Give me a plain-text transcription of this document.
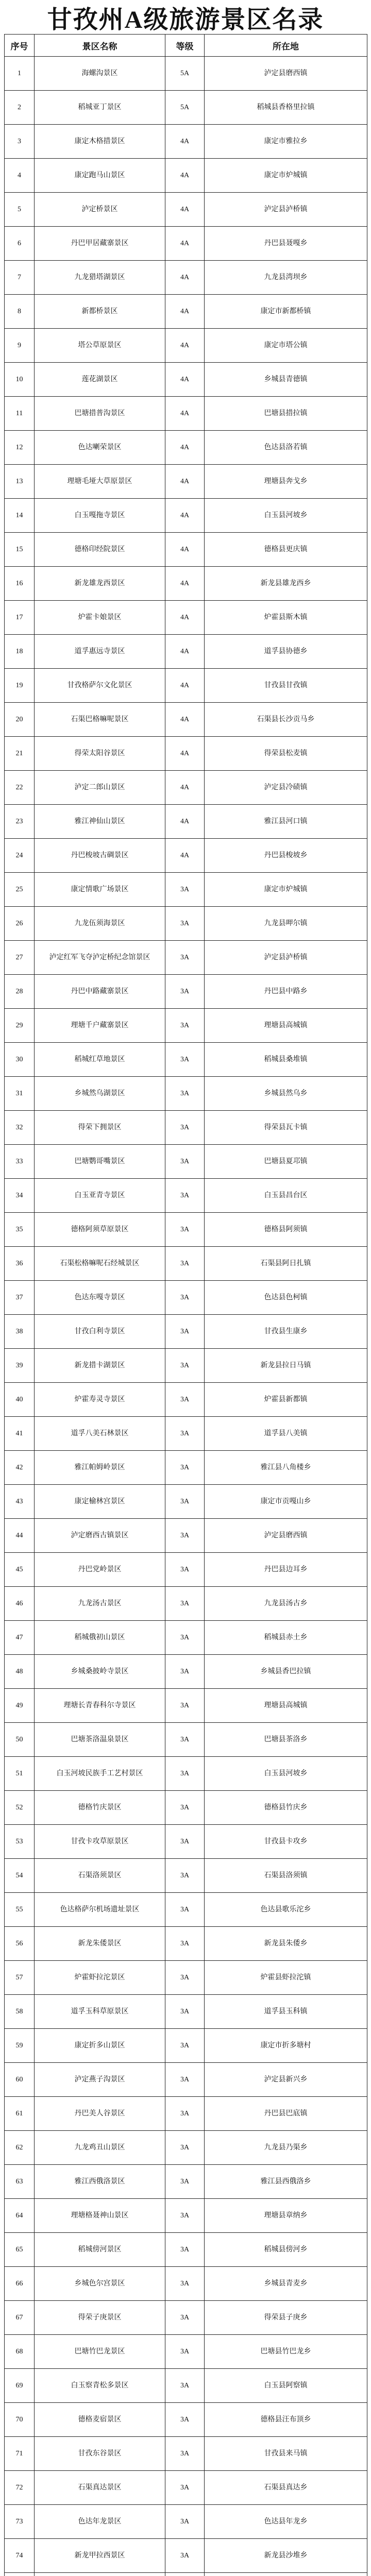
甘孜州A级旅游景区名录
序号	景区名称	等级	所在地
1	海螺沟景区	5A	泸定县磨西镇
2	稻城亚丁景区	5A	稻城县香格里拉镇
3	康定木格措景区	4A	康定市雅拉乡
4	康定跑马山景区	4A	康定市炉城镇
5	泸定桥景区	4A	泸定县泸桥镇
6	丹巴甲居藏寨景区	4A	丹巴县聂嘎乡
7	九龙猎塔湖景区	4A	九龙县湾坝乡
8	新都桥景区	4A	康定市新都桥镇
9	塔公草原景区	4A	康定市塔公镇
10	莲花湖景区	4A	乡城县青德镇
11	巴塘措普沟景区	4A	巴塘县措拉镇
12	色达喇荣景区	4A	色达县洛若镇
13	理塘毛垭大草原景区	4A	理塘县奔戈乡
14	白玉嘎拖寺景区	4A	白玉县河坡乡
15	德格印经院景区	4A	德格县更庆镇
16	新龙雄龙西景区	4A	新龙县雄龙西乡
17	炉霍卡娘景区	4A	炉霍县斯木镇
18	道孚惠远寺景区	4A	道孚县协德乡
19	甘孜格萨尔文化景区	4A	甘孜县甘孜镇
20	石渠巴格嘛呢景区	4A	石渠县长沙贡马乡
21	得荣太阳谷景区	4A	得荣县松麦镇
22	泸定二郎山景区	4A	泸定县冷碛镇
23	雅江神仙山景区	4A	雅江县河口镇
24	丹巴梭坡古碉景区	4A	丹巴县梭坡乡
25	康定情歌广场景区	3A	康定市炉城镇
26	九龙伍须海景区	3A	九龙县呷尔镇
27	泸定红军飞夺泸定桥纪念馆景区	3A	泸定县泸桥镇
28	丹巴中路藏寨景区	3A	丹巴县中路乡
29	理塘千户藏寨景区	3A	理塘县高城镇
30	稻城红草地景区	3A	稻城县桑堆镇
31	乡城然乌湖景区	3A	乡城县然乌乡
32	得荣下拥景区	3A	得荣县瓦卡镇
33	巴塘鹦哥嘴景区	3A	巴塘县夏邛镇
34	白玉亚青寺景区	3A	白玉县昌台区
35	德格阿须草原景区	3A	德格县阿须镇
36	石渠松格嘛呢石经城景区	3A	石渠县阿日扎镇
37	色达东嘎寺景区	3A	色达县色柯镇
38	甘孜白利寺景区	3A	甘孜县生康乡
39	新龙措卡湖景区	3A	新龙县拉日马镇
40	炉霍寿灵寺景区	3A	炉霍县新都镇
41	道孚八美石林景区	3A	道孚县八美镇
42	雅江帕姆岭景区	3A	雅江县八角楼乡
43	康定榆林宫景区	3A	康定市贡嘎山乡
44	泸定磨西古镇景区	3A	泸定县磨西镇
45	丹巴党岭景区	3A	丹巴县边耳乡
46	九龙汤古景区	3A	九龙县汤古乡
47	稻城俄初山景区	3A	稻城县赤土乡
48	乡城桑披岭寺景区	3A	乡城县香巴拉镇
49	理塘长青春科尔寺景区	3A	理塘县高城镇
50	巴塘茶洛温泉景区	3A	巴塘县茶洛乡
51	白玉河坡民族手工艺村景区	3A	白玉县河坡乡
52	德格竹庆景区	3A	德格县竹庆乡
53	甘孜卡攻草原景区	3A	甘孜县卡攻乡
54	石渠洛须景区	3A	石渠县洛须镇
55	色达格萨尔机场遗址景区	3A	色达县歌乐沱乡
56	新龙朱倭景区	3A	新龙县朱倭乡
57	炉霍虾拉沱景区	3A	炉霍县虾拉沱镇
58	道孚玉科草原景区	3A	道孚县玉科镇
59	康定折多山景区	3A	康定市折多塘村
60	泸定燕子沟景区	3A	泸定县新兴乡
61	丹巴美人谷景区	3A	丹巴县巴底镇
62	九龙鸡丑山景区	3A	九龙县乃渠乡
63	雅江西俄洛景区	3A	雅江县西俄洛乡
64	理塘格聂神山景区	3A	理塘县章纳乡
65	稻城傍河景区	3A	稻城县傍河乡
66	乡城色尔宫景区	3A	乡城县青麦乡
67	得荣子庚景区	3A	得荣县子庚乡
68	巴塘竹巴龙景区	3A	巴塘县竹巴龙乡
69	白玉察青松多景区	3A	白玉县阿察镇
70	德格麦宿景区	3A	德格县汪布顶乡
71	甘孜东谷景区	3A	甘孜县来马镇
72	石渠真达景区	3A	石渠县真达乡
73	色达年龙景区	3A	色达县年龙乡
74	新龙甲拉西景区	3A	新龙县沙堆乡
